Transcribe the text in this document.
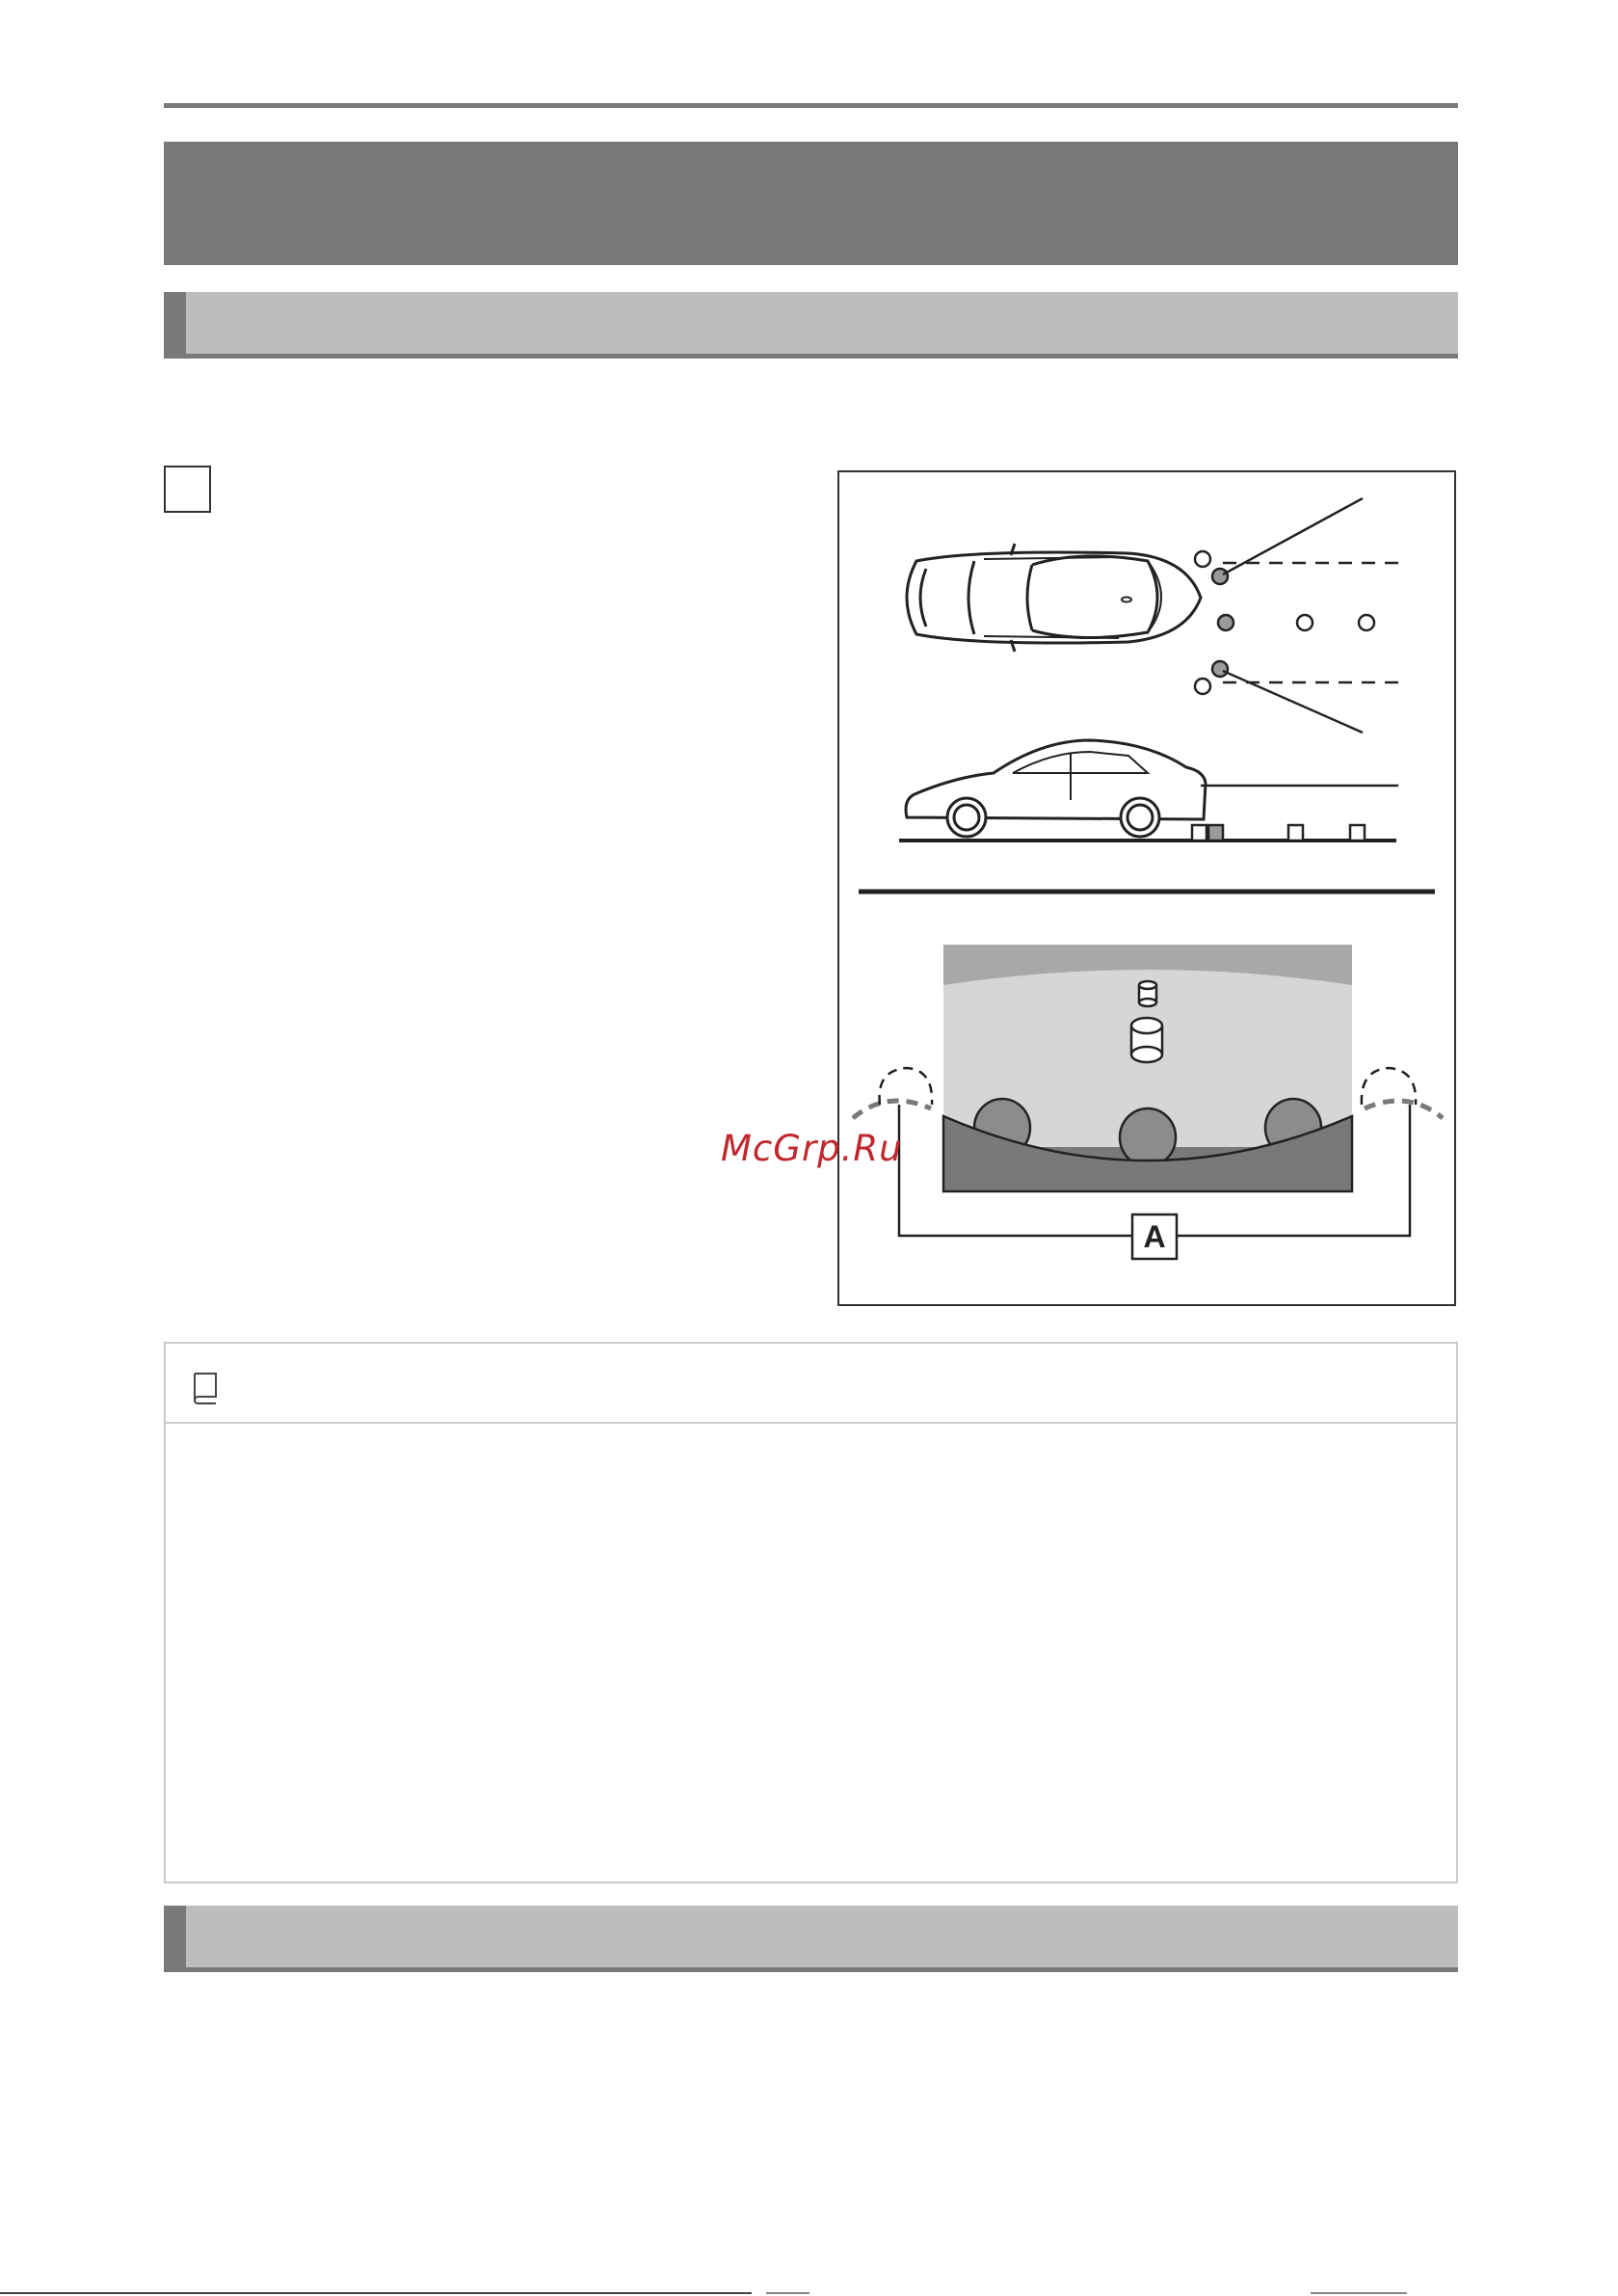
A
McGrp.Ru
